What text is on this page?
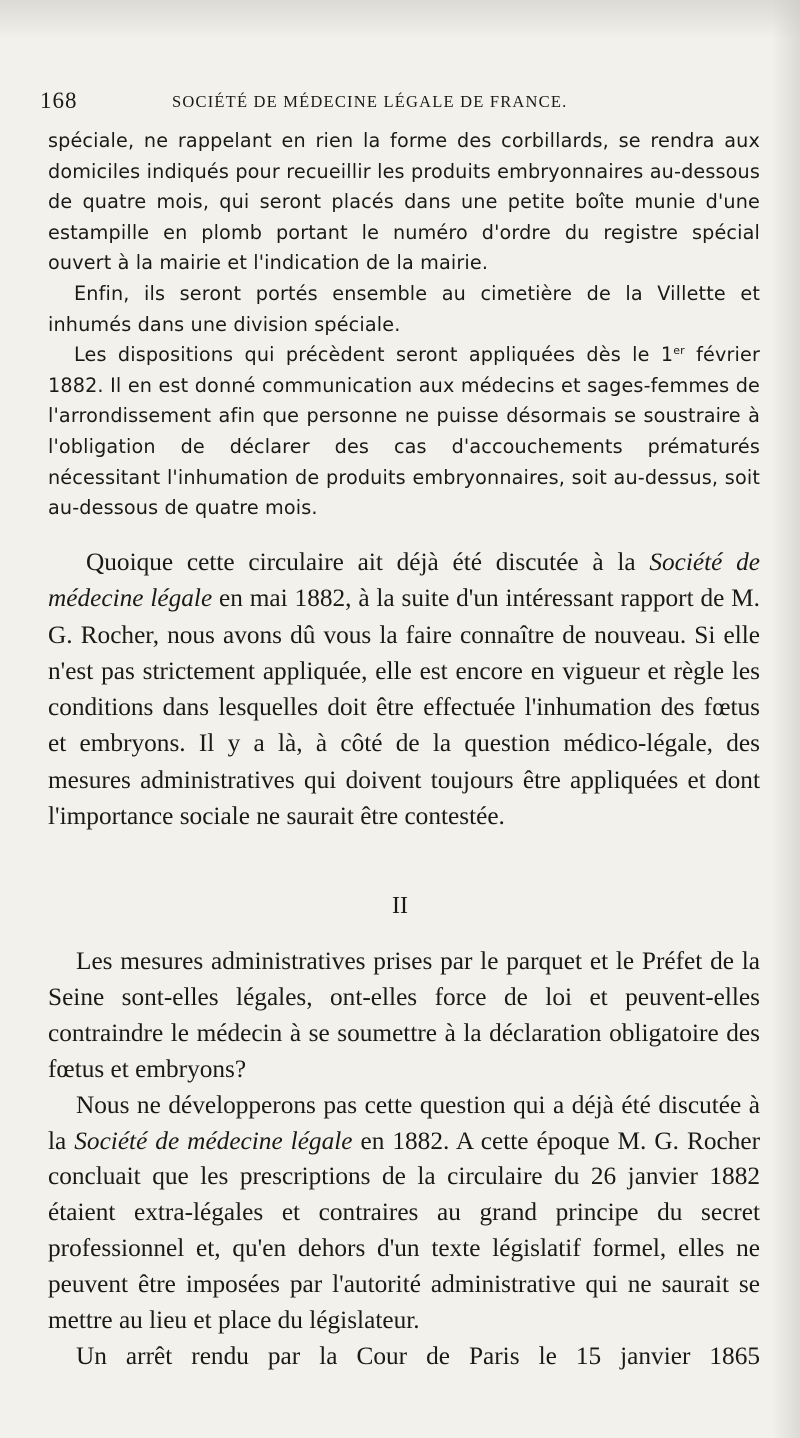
168	SOCIÉTÉ DE MÉDECINE LÉGALE DE FRANCE.

spéciale, ne rappelant en rien la forme des corbillards, se rendra aux domiciles indiqués pour recueillir les produits embryonnaires au-dessous de quatre mois, qui seront placés dans une petite boîte munie d'une estampille en plomb portant le numéro d'ordre du registre spécial ouvert à la mairie et l'indication de la mairie.

Enfin, ils seront portés ensemble au cimetière de la Villette et inhumés dans une division spéciale.

Les dispositions qui précèdent seront appliquées dès le 1er février 1882. Il en est donné communication aux médecins et sages-femmes de l'arrondissement afin que personne ne puisse désormais se soustraire à l'obligation de déclarer des cas d'accouchements prématurés nécessitant l'inhumation de produits embryonnaires, soit au-dessus, soit au-dessous de quatre mois.

Quoique cette circulaire ait déjà été discutée à la Société de médecine légale en mai 1882, à la suite d'un intéressant rapport de M. G. Rocher, nous avons dû vous la faire connaître de nouveau. Si elle n'est pas strictement appliquée, elle est encore en vigueur et règle les conditions dans lesquelles doit être effectuée l'inhumation des fœtus et embryons. Il y a là, à côté de la question médico-légale, des mesures administratives qui doivent toujours être appliquées et dont l'importance sociale ne saurait être contestée.

II

Les mesures administratives prises par le parquet et le Préfet de la Seine sont-elles légales, ont-elles force de loi et peuvent-elles contraindre le médecin à se soumettre à la déclaration obligatoire des fœtus et embryons?

Nous ne développerons pas cette question qui a déjà été discutée à la Société de médecine légale en 1882. A cette époque M. G. Rocher concluait que les prescriptions de la circulaire du 26 janvier 1882 étaient extra-légales et contraires au grand principe du secret professionnel et, qu'en dehors d'un texte législatif formel, elles ne peuvent être imposées par l'autorité administrative qui ne saurait se mettre au lieu et place du législateur.

Un arrêt rendu par la Cour de Paris le 15 janvier 1865
